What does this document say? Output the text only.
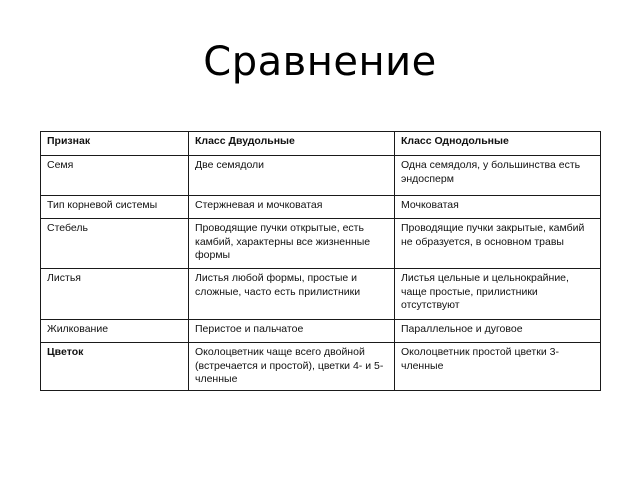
Сравнение
Признак	Класс Двудольные	Класс Однодольные
Семя	Две семядоли	Одна семядоля, у большинства есть эндосперм
Тип корневой системы	Стержневая и мочковатая	Мочковатая
Стебель	Проводящие пучки открытые, есть камбий, характерны все жизненные формы	Проводящие пучки закрытые, камбий не образуется, в основном травы
Листья	Листья любой формы, простые и сложные, часто есть прилистники	Листья цельные и цельнокрайние, чаще простые, прилистники отсутствуют
Жилкование	Перистое и пальчатое	Параллельное и дуговое
Цветок	Околоцветник чаще всего двойной (встречается и простой), цветки 4- и 5-членные	Околоцветник простой цветки 3-членные
